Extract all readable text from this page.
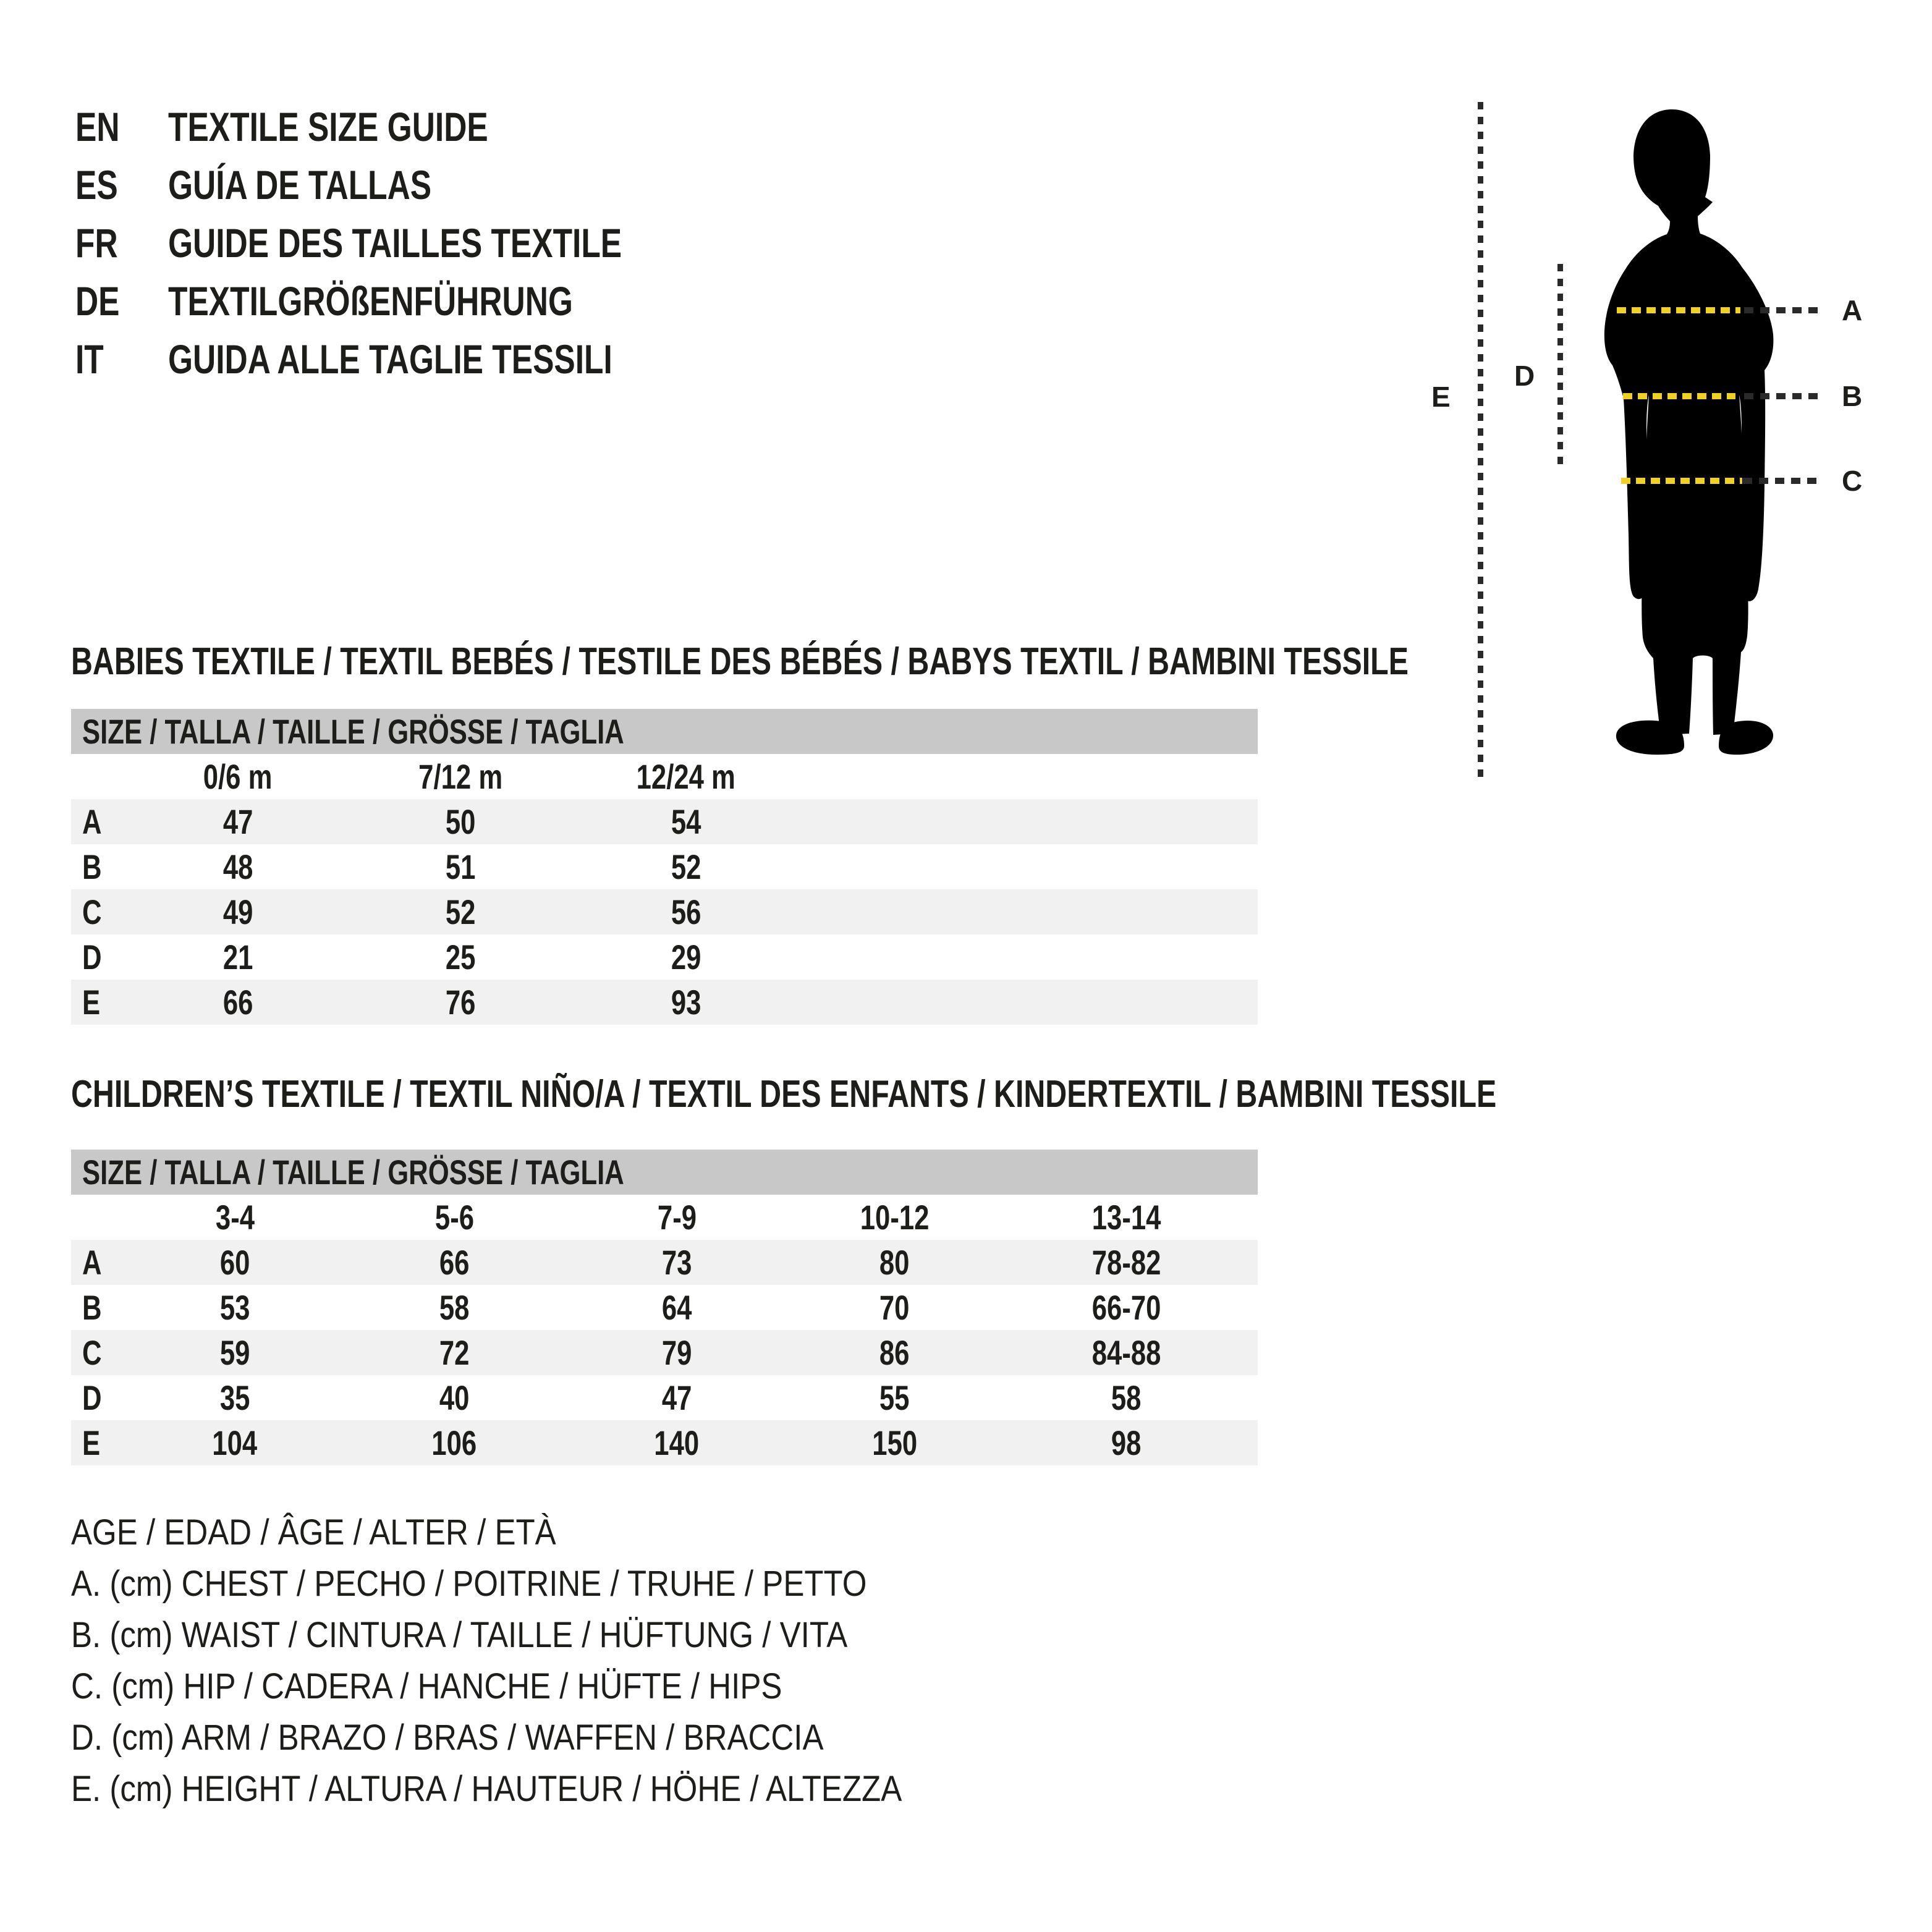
EN	TEXTILE SIZE GUIDE
ES GUÍA DE TALLAS
FR GUIDE DES TAILLES TEXTILE
DE	TEXTILGRÖßENFÜHRUNG
IT GUIDA ALLE TAGLIE TESSILI
E
D
A
B
C
BABIES TEXTILE / TEXTIL BEBÉS / TESTILE DES BÉBÉS / BABYS TEXTIL / BAMBINI TESSILE
SIZE / TALLA / TAILLE / GRÖSSE / TAGLIA
0/6 m	7/12 m	12/24 m
A	47	50	54
B	48	51	52
C	49	52	56
D	21	25	29
E	66	76	93
CHILDREN’S TEXTILE / TEXTIL NIÑO/A / TEXTIL DES ENFANTS / KINDERTEXTIL / BAMBINI TESSILE
SIZE / TALLA / TAILLE / GRÖSSE / TAGLIA
3-4	5-6	7-9	10-12	13-14
A	60	66	73	80	78-82
B	53	58	64	70	66-70
C	59	72	79	86	84-88
D	35	40	47	55	58
E	104	106	140	150	98
AGE / EDAD / ÂGE / ALTER / ETÀ
A. (cm) CHEST / PECHO / POITRINE / TRUHE / PETTO
B. (cm) WAIST / CINTURA / TAILLE / HÜFTUNG / VITA
C. (cm) HIP / CADERA / HANCHE / HÜFTE / HIPS
D. (cm) ARM / BRAZO / BRAS / WAFFEN / BRACCIA
E. (cm) HEIGHT / ALTURA / HAUTEUR / HÖHE / ALTEZZA
